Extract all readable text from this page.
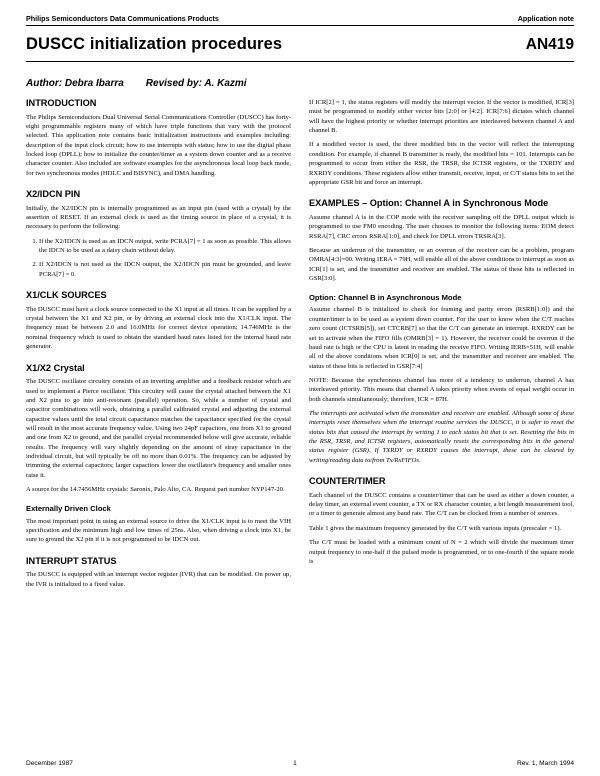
Philips Semiconductors Data Communications Products	Application note
DUSCC initialization procedures	AN419
Author: Debra Ibarra Revised by: A. Kazmi
INTRODUCTION

The Philips Semiconductors Dual Universal Serial Communications Controller (DUSCC) has forty-eight programmable registers many of which have triple functions that vary with the protocol selected. This application note contains basic initialization instructions and examples including: description of the input clock circuit; how to use interrupts with status; how to use the digital phase locked loop (DPLL); how to initialize the counter/timer as a system down counter and as a receive character counter. Also included are software examples for the asynchronous local loop back mode, for two synchronous modes (HDLC and BISYNC), and DMA handling.

X2/IDCN PIN

Initially, the X2/IDCN pin is internally programmed as an input pin (used with a crystal) by the assertion of RESET. If an external clock is used as the timing source in place of a crystal, it is necessary to perform the following:

1. If the X2/IDCN is used as an IDCN output, write PCRA[7] = 1 as soon as possible. This allows the IDCN to be used as a daisy chain without delay.
2. If X2/IDCN is not used as the IDCN output, the X2/IDCN pin must be grounded, and leave PCRA[7] = 0.
X1/CLK SOURCES

The DUSCC must have a clock source connected to the X1 input at all times. It can be supplied by a crystal between the X1 and X2 pin, or by driving an external clock into the X1/CLK input. The frequency must be between 2.0 and 16.0MHz for correct device operation; 14.746MHz is the nominal frequency which is used to obtain the standard baud rates listed for the internal baud rate generator.

X1/X2 Crystal

The DUSCC oscillator circuitry consists of an inverting amplifier and a feedback resistor which are used to implement a Pierce oscillator. This circuitry will cause the crystal attached between the X1 and X2 pins to go into anti-resonant (parallel) operation. So, while a number of crystal and capacitor combinations will work, obtaining a parallel calibrated crystal and adjusting the external capacitor values until the total circuit capacitance matches the capacitance specified for the crystal will result in the most accurate frequency value. Using two 24pF capacitors, one from X1 to ground and one from X2 to ground, and the parallel crystal recommended below will give accurate, reliable results. The frequency will vary slightly depending on the amount of stray capacitance in the individual circuit, but will typically be off no more than 0.01%. The frequency can be adjusted by trimming the external capacitors; larger capacitors lower the oscillator's frequency and smaller ones raise it.

A source for the 14.7456MHz crystals: Saronix, Palo Alto, CA. Request part number NYP147-20.

Externally Driven Clock

The most important point in using an external source to drive the X1/CLK input is to meet the VIH specification and the minimum high and low times of 25ns. Also, when driving a clock into X1, be sure to ground the X2 pin if it is not programmed to be IDCN out.

INTERRUPT STATUS

The DUSCC is equipped with an interrupt vector register (IVR) that can be modified. On power up, the IVR is initialized to a fixed value.

If ICR[2] = 1, the status registers will modify the interrupt vector. If the vector is modified, ICR[3] must be programmed to modify either vector bits [2:0] or [4:2]. ICR[7:6] dictates which channel will have the highest priority or whether interrupt priorities are interleaved between channel A and channel B.

If a modified vector is used, the three modified bits in the vector will reflect the interrupting condition. For example, if channel B transmitter is ready, the modified bits = 101. Interrupts can be programmed to occur from either the RSR, the TRSR, the ICTSR registers, or the TXRDY and RXRDY conditions. These registers allow either transmit, receive, input, or C/T status bits to set the appropriate GSR bit and force an interrupt.

EXAMPLES – Option: Channel A in Synchronous Mode

Assume channel A is in the COP mode with the receiver sampling off the DPLL output which is programmed to use FM0 encoding. The user chooses to monitor the following items: EOM detect RSRA[7], CRC errors RSRA[1:0], and check for DPLL errors TRSRA[3].

Because an underrun of the transmitter, or an overrun of the receiver can be a problem, program OMRA[4:3]=00. Writing IERA = 79H, will enable all of the above conditions to interrupt as soon as ICR[1] is set, and the transmitter and receiver are enabled. The status of these bits is reflected in GSR[3:0].

Option: Channel B in Asynchronous Mode

Assume channel B is initialized to check for framing and parity errors (RSRB[1:0]) and the counter/timer is to be used as a system down counter. For the user to know when the C/T reaches zero count (ICTSRB[5]), set CTCRB[7] so that the C/T can generate an interrupt. RXRDY can be set to activate when the FIFO fills (OMRB[3] = 1). However, the receiver could be overrun if the baud rate is high or the CPU is latent in reading the receive FIFO. Writing IERB=51H, will enable all of the above conditions when ICR[0] is set, and the transmitter and receiver are enabled. The status of these bits is reflected in GSR[7:4]

NOTE: Because the synchronous channel has more of a tendency to underrun, channel A has interleaved priority. This means that channel A takes priority when events of equal weight occur in both channels simultaneously; therefore, ICR = 87H.

The interrupts are activated when the transmitter and receiver are enabled. Although some of these interrupts reset themselves when the interrupt routine services the DUSCC, it is safer to reset the status bits that caused the interrupt by writing 1 to each status bit that is set. Resetting the bits in the RSR, TRSR, and ICTSR registers, automatically resets the corresponding bits in the general status register (GSR). If TXRDY or RXRDY causes the interrupt, these can be cleared by writing/reading data to/from Tx/RxFIFOs.

COUNTER/TIMER

Each channel of the DUSCC contains a counter/timer that can be used as either a down counter, a delay timer, an external event counter, a TX or RX character counter, a bit length measurement tool, or a timer to generate almost any baud rate. The C/T can be clocked from a number of sources.

Table 1 gives the maximum frequency generated by the C/T with various inputs (prescaler = 1).

The C/T must be loaded with a minimum count of N = 2 which will divide the maximum timer output frequency to one-half if the pulsed mode is programmed, or to one-fourth if the square mode is

December 1987	1	Rev. 1, March 1994
